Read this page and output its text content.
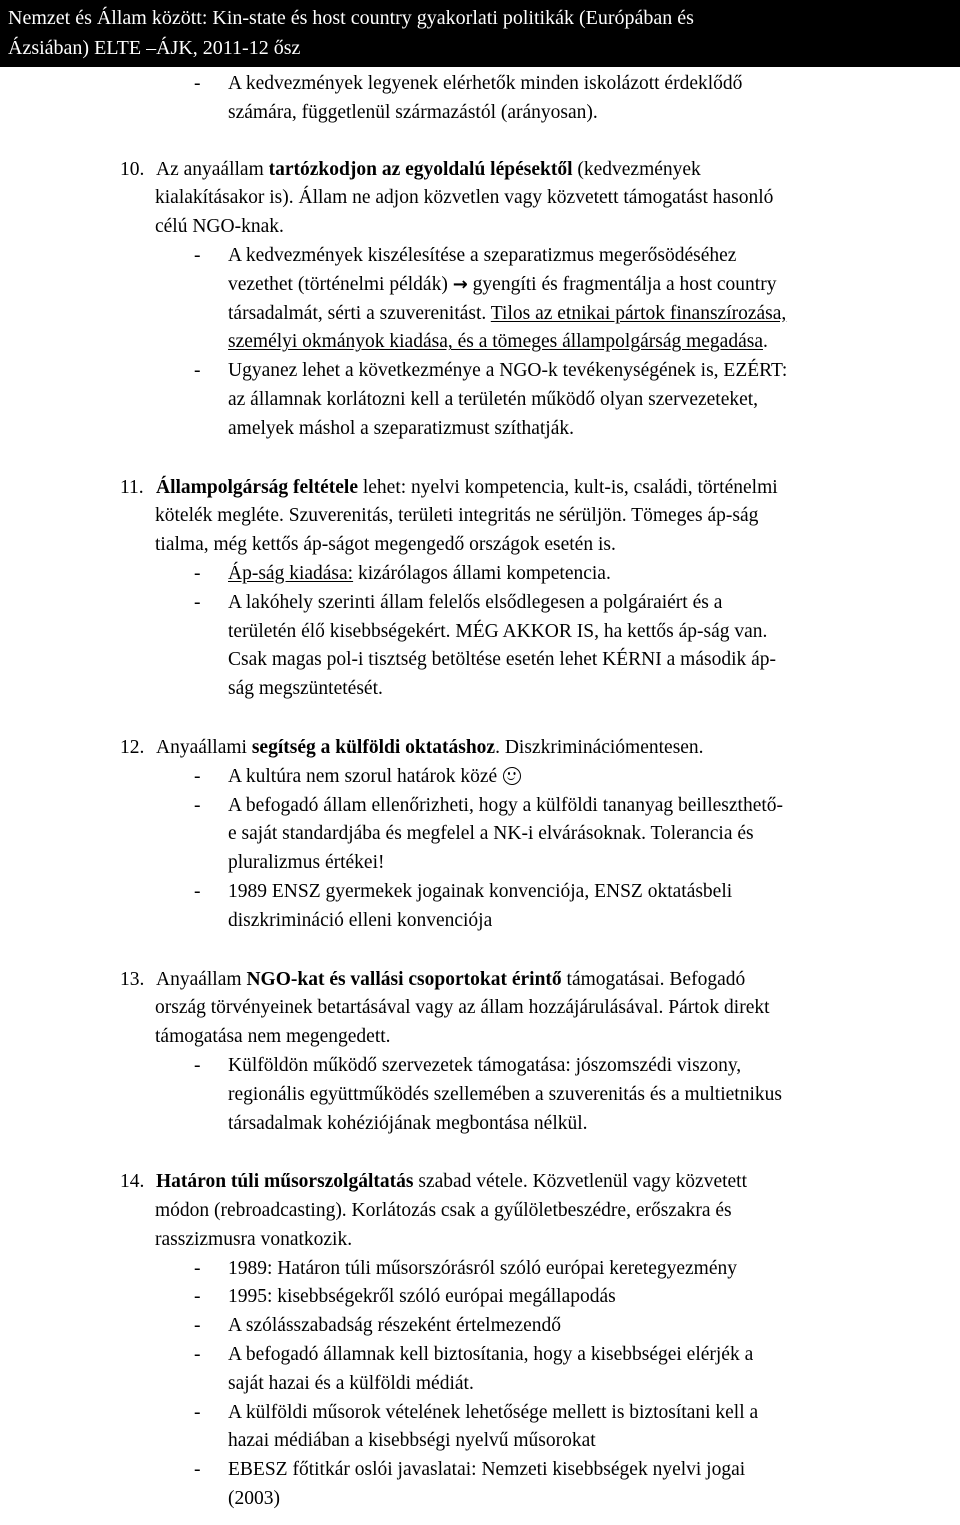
Nemzet és Állam között: Kin-state és host country gyakorlati politikák (Európában és
Ázsiában) ELTE –ÁJK, 2011-12 ősz
-	A kedvezmények legyenek elérhetők minden iskolázott érdeklődő
számára, függetlenül származástól (arányosan).
10. Az anyaállam tartózkodjon az egyoldalú lépésektől (kedvezmények
kialakításakor is). Állam ne adjon közvetlen vagy közvetett támogatást hasonló
célú NGO-knak.
-	A kedvezmények kiszélesítése a szeparatizmus megerősödéséhez
vezethet (történelmi példák) → gyengíti és fragmentálja a host country
társadalmát, sérti a szuverenitást. Tilos az etnikai pártok finanszírozása,
személyi okmányok kiadása, és a tömeges állampolgárság megadása.
-	Ugyanez lehet a következménye a NGO-k tevékenységének is, EZÉRT:
az államnak korlátozni kell a területén működő olyan szervezeteket,
amelyek máshol a szeparatizmust szíthatják.
11. Állampolgárság feltétele lehet: nyelvi kompetencia, kult-is, családi, történelmi
kötelék megléte. Szuverenitás, területi integritás ne sérüljön. Tömeges áp-ság
tialma, még kettős áp-ságot megengedő országok esetén is.
-	Áp-ság kiadása: kizárólagos állami kompetencia.
-	A lakóhely szerinti állam felelős elsődlegesen a polgáraiért és a
területén élő kisebbségekért. MÉG AKKOR IS, ha kettős áp-ság van.
Csak magas pol-i tisztség betöltése esetén lehet KÉRNI a második áp-
ság megszüntetését.
12. Anyaállami segítség a külföldi oktatáshoz. Diszkriminációmentesen.
-	A kultúra nem szorul határok közé
-	A befogadó állam ellenőrizheti, hogy a külföldi tananyag beilleszthető-
e saját standardjába és megfelel a NK-i elvárásoknak. Tolerancia és
pluralizmus értékei!
-	1989 ENSZ gyermekek jogainak konvenciója, ENSZ oktatásbeli
diszkrimináció elleni konvenciója
13. Anyaállam NGO-kat és vallási csoportokat érintő támogatásai. Befogadó
ország törvényeinek betartásával vagy az állam hozzájárulásával. Pártok direkt
támogatása nem megengedett.
-	Külföldön működő szervezetek támogatása: jószomszédi viszony,
regionális együttműködés szellemében a szuverenitás és a multietnikus
társadalmak kohéziójának megbontása nélkül.
14. Határon túli műsorszolgáltatás szabad vétele. Közvetlenül vagy közvetett
módon (rebroadcasting). Korlátozás csak a gyűlöletbeszédre, erőszakra és
rasszizmusra vonatkozik.
-	1989: Határon túli műsorszórásról szóló európai keretegyezmény
-	1995: kisebbségekről szóló európai megállapodás
-	A szólásszabadság részeként értelmezendő
-	A befogadó államnak kell biztosítania, hogy a kisebbségei elérjék a
saját hazai és a külföldi médiát.
-	A külföldi műsorok vételének lehetősége mellett is biztosítani kell a
hazai médiában a kisebbségi nyelvű műsorokat
-	EBESZ főtitkár oslói javaslatai: Nemzeti kisebbségek nyelvi jogai
(2003)
